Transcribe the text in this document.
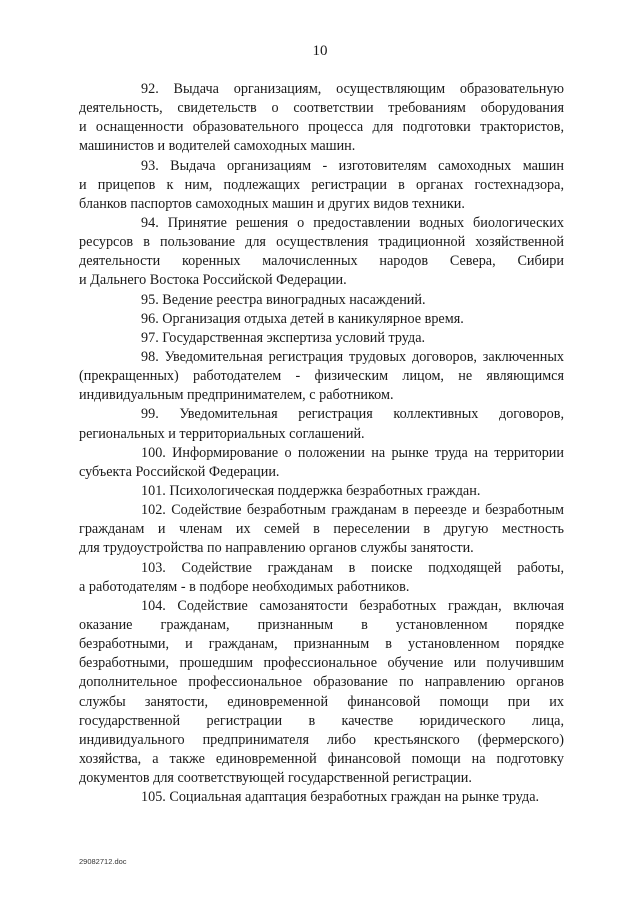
10
92. Выдача организациям, осуществляющим образовательную
деятельность, свидетельств о соответствии требованиям оборудования
и оснащенности образовательного процесса для подготовки трактористов,
машинистов и водителей самоходных машин.
93. Выдача организациям - изготовителям самоходных машин
и прицепов к ним, подлежащих регистрации в органах гостехнадзора,
бланков паспортов самоходных машин и других видов техники.
94. Принятие решения о предоставлении водных биологических
ресурсов в пользование для осуществления традиционной хозяйственной
деятельности коренных малочисленных народов Севера, Сибири
и Дальнего Востока Российской Федерации.
95. Ведение реестра виноградных насаждений.
96. Организация отдыха детей в каникулярное время.
97. Государственная экспертиза условий труда.
98. Уведомительная регистрация трудовых договоров, заключенных
(прекращенных) работодателем - физическим лицом, не являющимся
индивидуальным предпринимателем, с работником.
99. Уведомительная регистрация коллективных договоров,
региональных и территориальных соглашений.
100. Информирование о положении на рынке труда на территории
субъекта Российской Федерации.
101. Психологическая поддержка безработных граждан.
102. Содействие безработным гражданам в переезде и безработным
гражданам и членам их семей в переселении в другую местность
для трудоустройства по направлению органов службы занятости.
103. Содействие гражданам в поиске подходящей работы,
а работодателям - в подборе необходимых работников.
104. Содействие самозанятости безработных граждан, включая
оказание гражданам, признанным в установленном порядке
безработными, и гражданам, признанным в установленном порядке
безработными, прошедшим профессиональное обучение или получившим
дополнительное профессиональное образование по направлению органов
службы занятости, единовременной финансовой помощи при их
государственной регистрации в качестве юридического лица,
индивидуального предпринимателя либо крестьянского (фермерского)
хозяйства, а также единовременной финансовой помощи на подготовку
документов для соответствующей государственной регистрации.
105. Социальная адаптация безработных граждан на рынке труда.
29082712.doc
